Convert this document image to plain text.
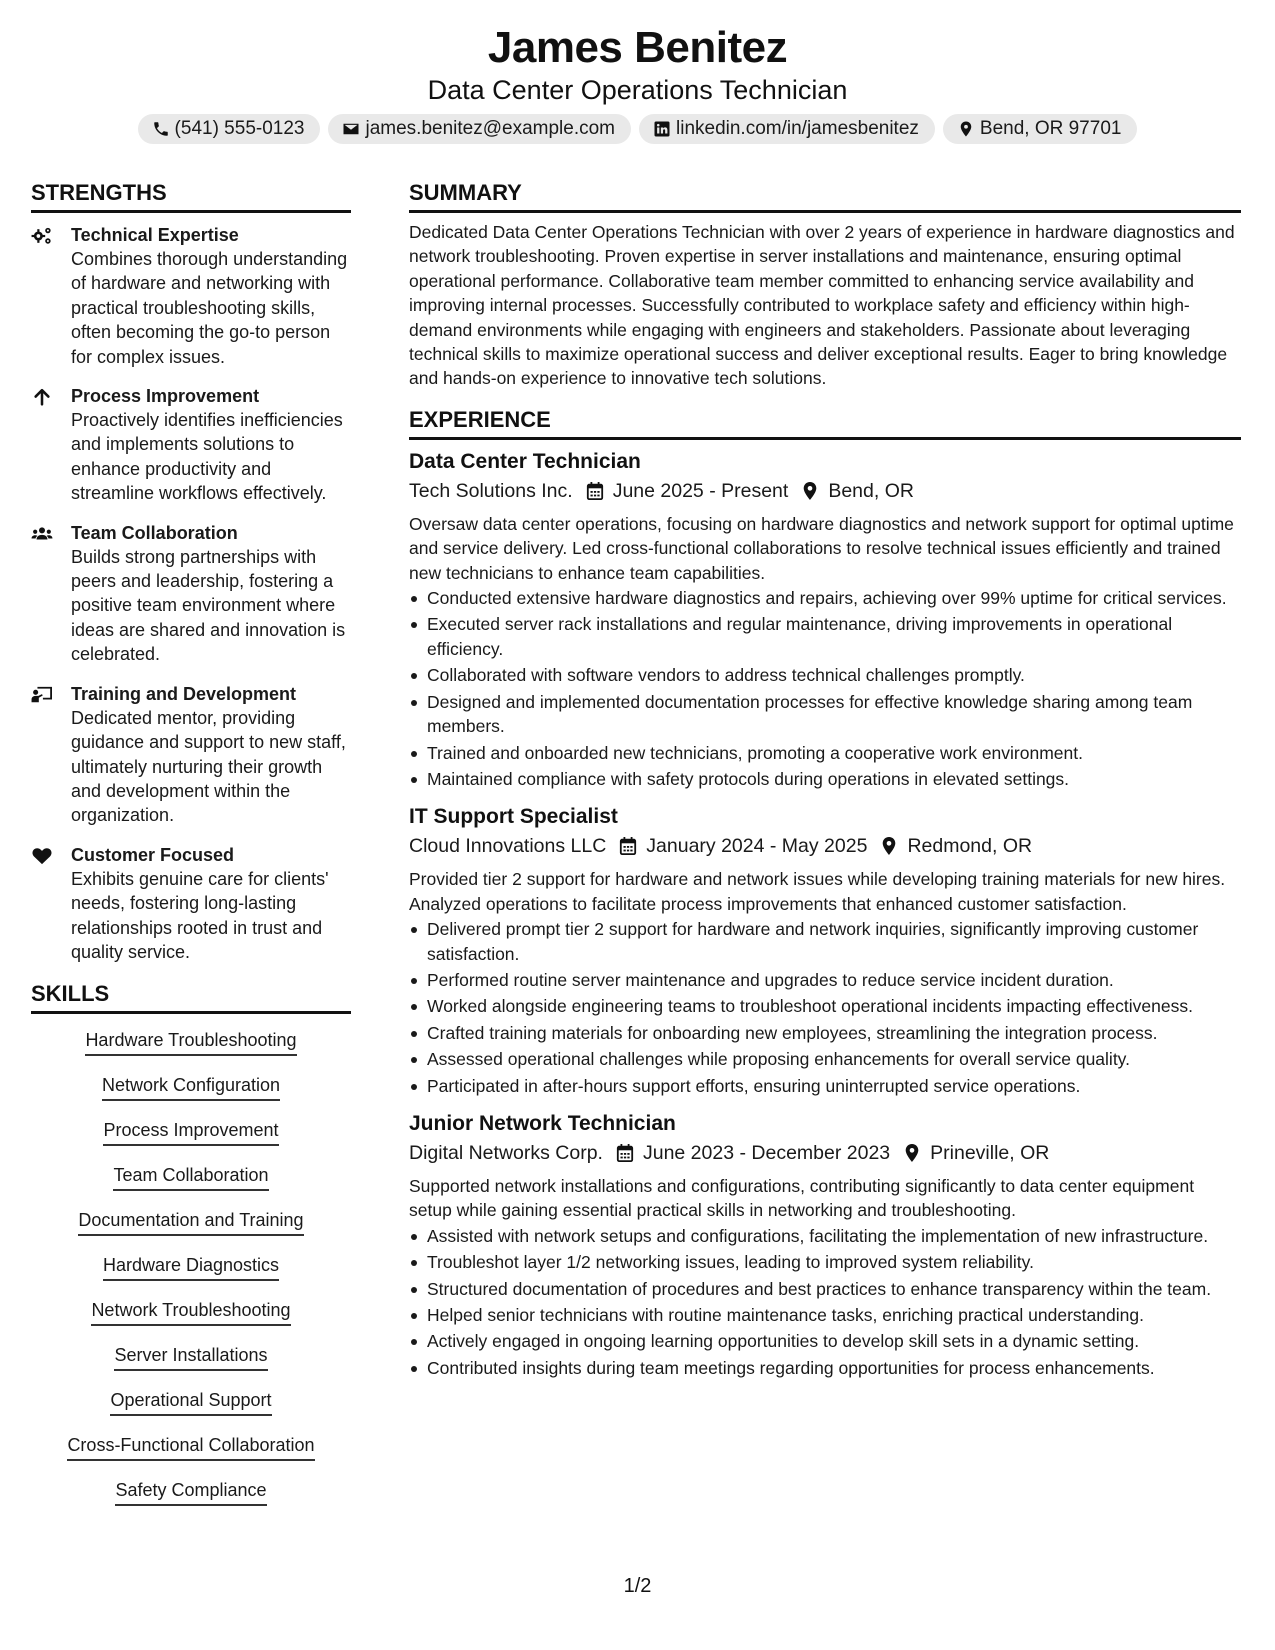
James Benitez
Data Center Operations Technician
(541) 555-0123	james.benitez@example.com	linkedin.com/in/jamesbenitez	Bend, OR 97701
STRENGTHS
Technical Expertise
Combines thorough understanding of hardware and networking with practical troubleshooting skills, often becoming the go-to person for complex issues.
Process Improvement
Proactively identifies inefficiencies and implements solutions to enhance productivity and streamline workflows effectively.
Team Collaboration
Builds strong partnerships with peers and leadership, fostering a positive team environment where ideas are shared and innovation is celebrated.
Training and Development
Dedicated mentor, providing guidance and support to new staff, ultimately nurturing their growth and development within the organization.
Customer Focused
Exhibits genuine care for clients' needs, fostering long-lasting relationships rooted in trust and quality service.
SKILLS
Hardware Troubleshooting
Network Configuration
Process Improvement
Team Collaboration
Documentation and Training
Hardware Diagnostics
Network Troubleshooting
Server Installations
Operational Support
Cross-Functional Collaboration
Safety Compliance
SUMMARY
Dedicated Data Center Operations Technician with over 2 years of experience in hardware diagnostics and network troubleshooting. Proven expertise in server installations and maintenance, ensuring optimal operational performance. Collaborative team member committed to enhancing service availability and improving internal processes. Successfully contributed to workplace safety and efficiency within high-demand environments while engaging with engineers and stakeholders. Passionate about leveraging technical skills to maximize operational success and deliver exceptional results. Eager to bring knowledge and hands-on experience to innovative tech solutions.
EXPERIENCE
Data Center Technician
Tech Solutions Inc. June 2025 - Present Bend, OR
Oversaw data center operations, focusing on hardware diagnostics and network support for optimal uptime and service delivery. Led cross-functional collaborations to resolve technical issues efficiently and trained new technicians to enhance team capabilities.
Conducted extensive hardware diagnostics and repairs, achieving over 99% uptime for critical services.
Executed server rack installations and regular maintenance, driving improvements in operational efficiency.
Collaborated with software vendors to address technical challenges promptly.
Designed and implemented documentation processes for effective knowledge sharing among team members.
Trained and onboarded new technicians, promoting a cooperative work environment.
Maintained compliance with safety protocols during operations in elevated settings.
IT Support Specialist
Cloud Innovations LLC January 2024 - May 2025 Redmond, OR
Provided tier 2 support for hardware and network issues while developing training materials for new hires. Analyzed operations to facilitate process improvements that enhanced customer satisfaction.
Delivered prompt tier 2 support for hardware and network inquiries, significantly improving customer satisfaction.
Performed routine server maintenance and upgrades to reduce service incident duration.
Worked alongside engineering teams to troubleshoot operational incidents impacting effectiveness.
Crafted training materials for onboarding new employees, streamlining the integration process.
Assessed operational challenges while proposing enhancements for overall service quality.
Participated in after-hours support efforts, ensuring uninterrupted service operations.
Junior Network Technician
Digital Networks Corp. June 2023 - December 2023 Prineville, OR
Supported network installations and configurations, contributing significantly to data center equipment setup while gaining essential practical skills in networking and troubleshooting.
Assisted with network setups and configurations, facilitating the implementation of new infrastructure.
Troubleshot layer 1/2 networking issues, leading to improved system reliability.
Structured documentation of procedures and best practices to enhance transparency within the team.
Helped senior technicians with routine maintenance tasks, enriching practical understanding.
Actively engaged in ongoing learning opportunities to develop skill sets in a dynamic setting.
Contributed insights during team meetings regarding opportunities for process enhancements.
1/2
